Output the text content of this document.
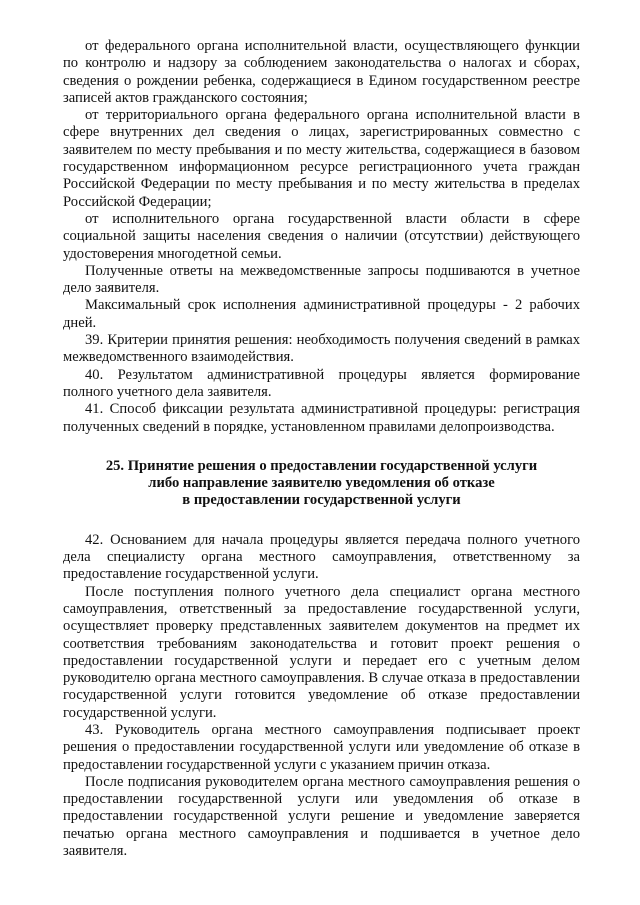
от федерального органа исполнительной власти, осуществляющего функции по контролю и надзору за соблюдением законодательства о налогах и сборах, сведения о рождении ребенка, содержащиеся в Едином государственном реестре записей актов гражданского состояния;

от территориального органа федерального органа исполнительной власти в сфере внутренних дел сведения о лицах, зарегистрированных совместно с заявителем по месту пребывания и по месту жительства, содержащиеся в базовом государственном информационном ресурсе регистрационного учета граждан Российской Федерации по месту пребывания и по месту жительства в пределах Российской Федерации;

от исполнительного органа государственной власти области в сфере социальной защиты населения сведения о наличии (отсутствии) действующего удостоверения многодетной семьи.

Полученные ответы на межведомственные запросы подшиваются в учетное дело заявителя.

Максимальный срок исполнения административной процедуры - 2 рабочих дней.

39. Критерии принятия решения: необходимость получения сведений в рамках межведомственного взаимодействия.

40. Результатом административной процедуры является формирование полного учетного дела заявителя.

41. Способ фиксации результата административной процедуры: регистрация полученных сведений в порядке, установленном правилами делопроизводства.

25. Принятие решения о предоставлении государственной услуги
либо направление заявителю уведомления об отказе
в предоставлении государственной услуги

42. Основанием для начала процедуры является передача полного учетного дела специалисту органа местного самоуправления, ответственному за предоставление государственной услуги.

После поступления полного учетного дела специалист органа местного самоуправления, ответственный за предоставление государственной услуги, осуществляет проверку представленных заявителем документов на предмет их соответствия требованиям законодательства и готовит проект решения о предоставлении государственной услуги и передает его с учетным делом руководителю органа местного самоуправления. В случае отказа в предоставлении государственной услуги готовится уведомление об отказе предоставлении государственной услуги.

43. Руководитель органа местного самоуправления подписывает проект решения о предоставлении государственной услуги или уведомление об отказе в предоставлении государственной услуги с указанием причин отказа.

После подписания руководителем органа местного самоуправления решения о предоставлении государственной услуги или уведомления об отказе в предоставлении государственной услуги решение и уведомление заверяется печатью органа местного самоуправления и подшивается в учетное дело заявителя.
